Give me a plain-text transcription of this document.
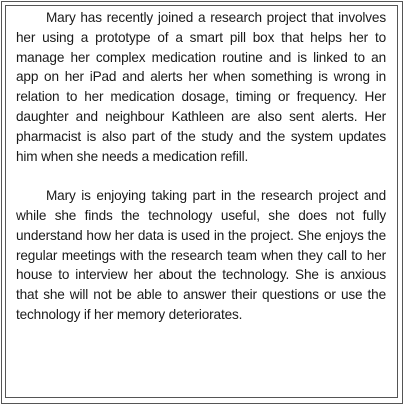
Mary has recently joined a research project that involves her using a prototype of a smart pill box that helps her to manage her complex medication routine and is linked to an app on her iPad and alerts her when something is wrong in relation to her medication dosage, timing or frequency. Her daughter and neighbour Kathleen are also sent alerts. Her pharmacist is also part of the study and the system updates him when she needs a medication refill.

Mary is enjoying taking part in the research project and while she finds the technology useful, she does not fully understand how her data is used in the project. She enjoys the regular meetings with the research team when they call to her house to interview her about the technology. She is anxious that she will not be able to answer their questions or use the technology if her memory deteriorates.
